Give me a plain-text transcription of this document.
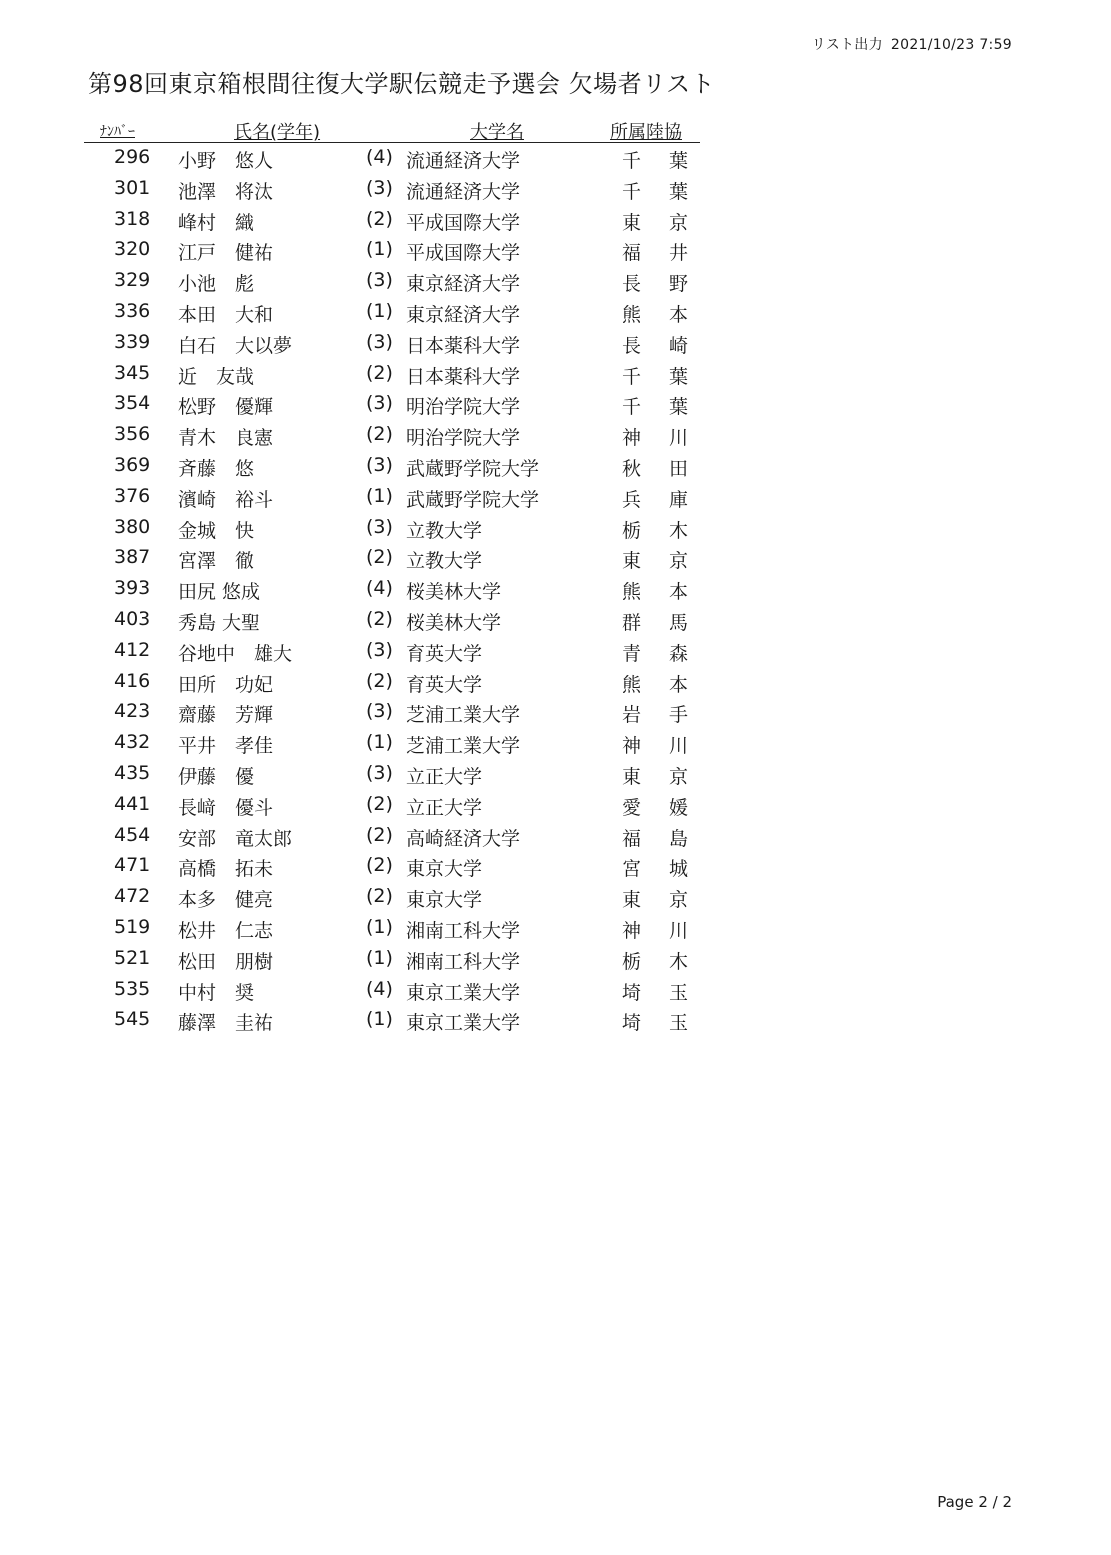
リスト出力 2021/10/23 7:59
第98回東京箱根間往復大学駅伝競走予選会 欠場者リスト
ﾅﾝﾊﾞｰ	氏名(学年)	大学名	所属陸協
296 小野　悠人	(4) 流通経済大学	千葉
301 池澤　将汰	(3) 流通経済大学	千葉
318 峰村　織	(2) 平成国際大学	東京
320 江戸　健祐	(1) 平成国際大学	福井
329 小池　彪	(3) 東京経済大学	長野
336 本田　大和	(1) 東京経済大学	熊本
339 白石　大以夢	(3) 日本薬科大学	長崎
345 近　友哉	(2) 日本薬科大学	千葉
354 松野　優輝	(3) 明治学院大学	千葉
356 青木　良憲	(2) 明治学院大学	神川
369 斉藤　悠	(3) 武蔵野学院大学	秋田
376 濱崎　裕斗	(1) 武蔵野学院大学	兵庫
380 金城　快	(3) 立教大学	栃木
387 宮澤　徹	(2) 立教大学	東京
393 田尻 悠成	(4) 桜美林大学	熊本
403 秀島 大聖	(2) 桜美林大学	群馬
412 谷地中　雄大	(3) 育英大学	青森
416 田所　功妃	(2) 育英大学	熊本
423 齋藤　芳輝	(3) 芝浦工業大学	岩手
432 平井　孝佳	(1) 芝浦工業大学	神川
435 伊藤　優	(3) 立正大学	東京
441 長﨑　優斗	(2) 立正大学	愛媛
454 安部　竜太郎	(2) 高崎経済大学	福島
471 高橋　拓未	(2) 東京大学	宮城
472 本多　健亮	(2) 東京大学	東京
519 松井　仁志	(1) 湘南工科大学	神川
521 松田　朋樹	(1) 湘南工科大学	栃木
535 中村　奨	(4) 東京工業大学	埼玉
545 藤澤　圭祐	(1) 東京工業大学	埼玉
Page 2 / 2
